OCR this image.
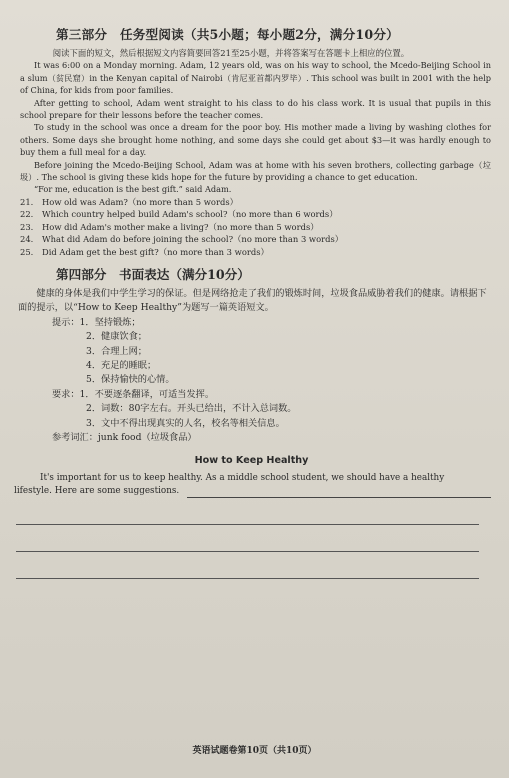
第三部分　任务型阅读（共5小题；每小题2分，满分10分）

阅读下面的短文，然后根据短文内容简要回答21至25小题，并将答案写在答题卡上相应的位置。

It was 6:00 on a Monday morning. Adam, 12 years old, was on his way to school, the Mcedo-Beijing School in a slum（贫民窟）in the Kenyan capital of Nairobi（肯尼亚首都内罗毕）. This school was built in 2001 with the help of China, for kids from poor families.

After getting to school, Adam went straight to his class to do his class work. It is usual that pupils in this school prepare for their lessons before the teacher comes.

To study in the school was once a dream for the poor boy. His mother made a living by washing clothes for others. Some days she brought home nothing, and some days she could get about $3—it was hardly enough to buy them a full meal for a day.

Before joining the Mcedo-Beijing School, Adam was at home with his seven brothers, collecting garbage（垃圾）. The school is giving these kids hope for the future by providing a chance to get education.

“For me, education is the best gift.” said Adam.

21.	How old was Adam?（no more than 5 words）
22.	Which country helped build Adam's school?（no more than 6 words）
23.	How did Adam's mother make a living?（no more than 5 words）
24.	What did Adam do before joining the school?（no more than 3 words）
25.	Did Adam get the best gift?（no more than 3 words）
第四部分　书面表达（满分10分）

健康的身体是我们中学生学习的保证。但是网络抢走了我们的锻炼时间，垃圾食品威胁着我们的健康。请根据下面的提示，以“How to Keep Healthy”为题写一篇英语短文。

提示：1．坚持锻炼；
2．健康饮食；
3．合理上网；
4．充足的睡眠；
5．保持愉快的心情。

要求：1．不要逐条翻译，可适当发挥。
2．词数：80字左右。开头已给出，不计入总词数。
3．文中不得出现真实的人名，校名等相关信息。

参考词汇：junk food（垃圾食品）

How to Keep Healthy

It's important for us to keep healthy. As a middle school student, we should have a healthy

lifestyle. Here are some suggestions.
英语试题卷第10页（共10页）
